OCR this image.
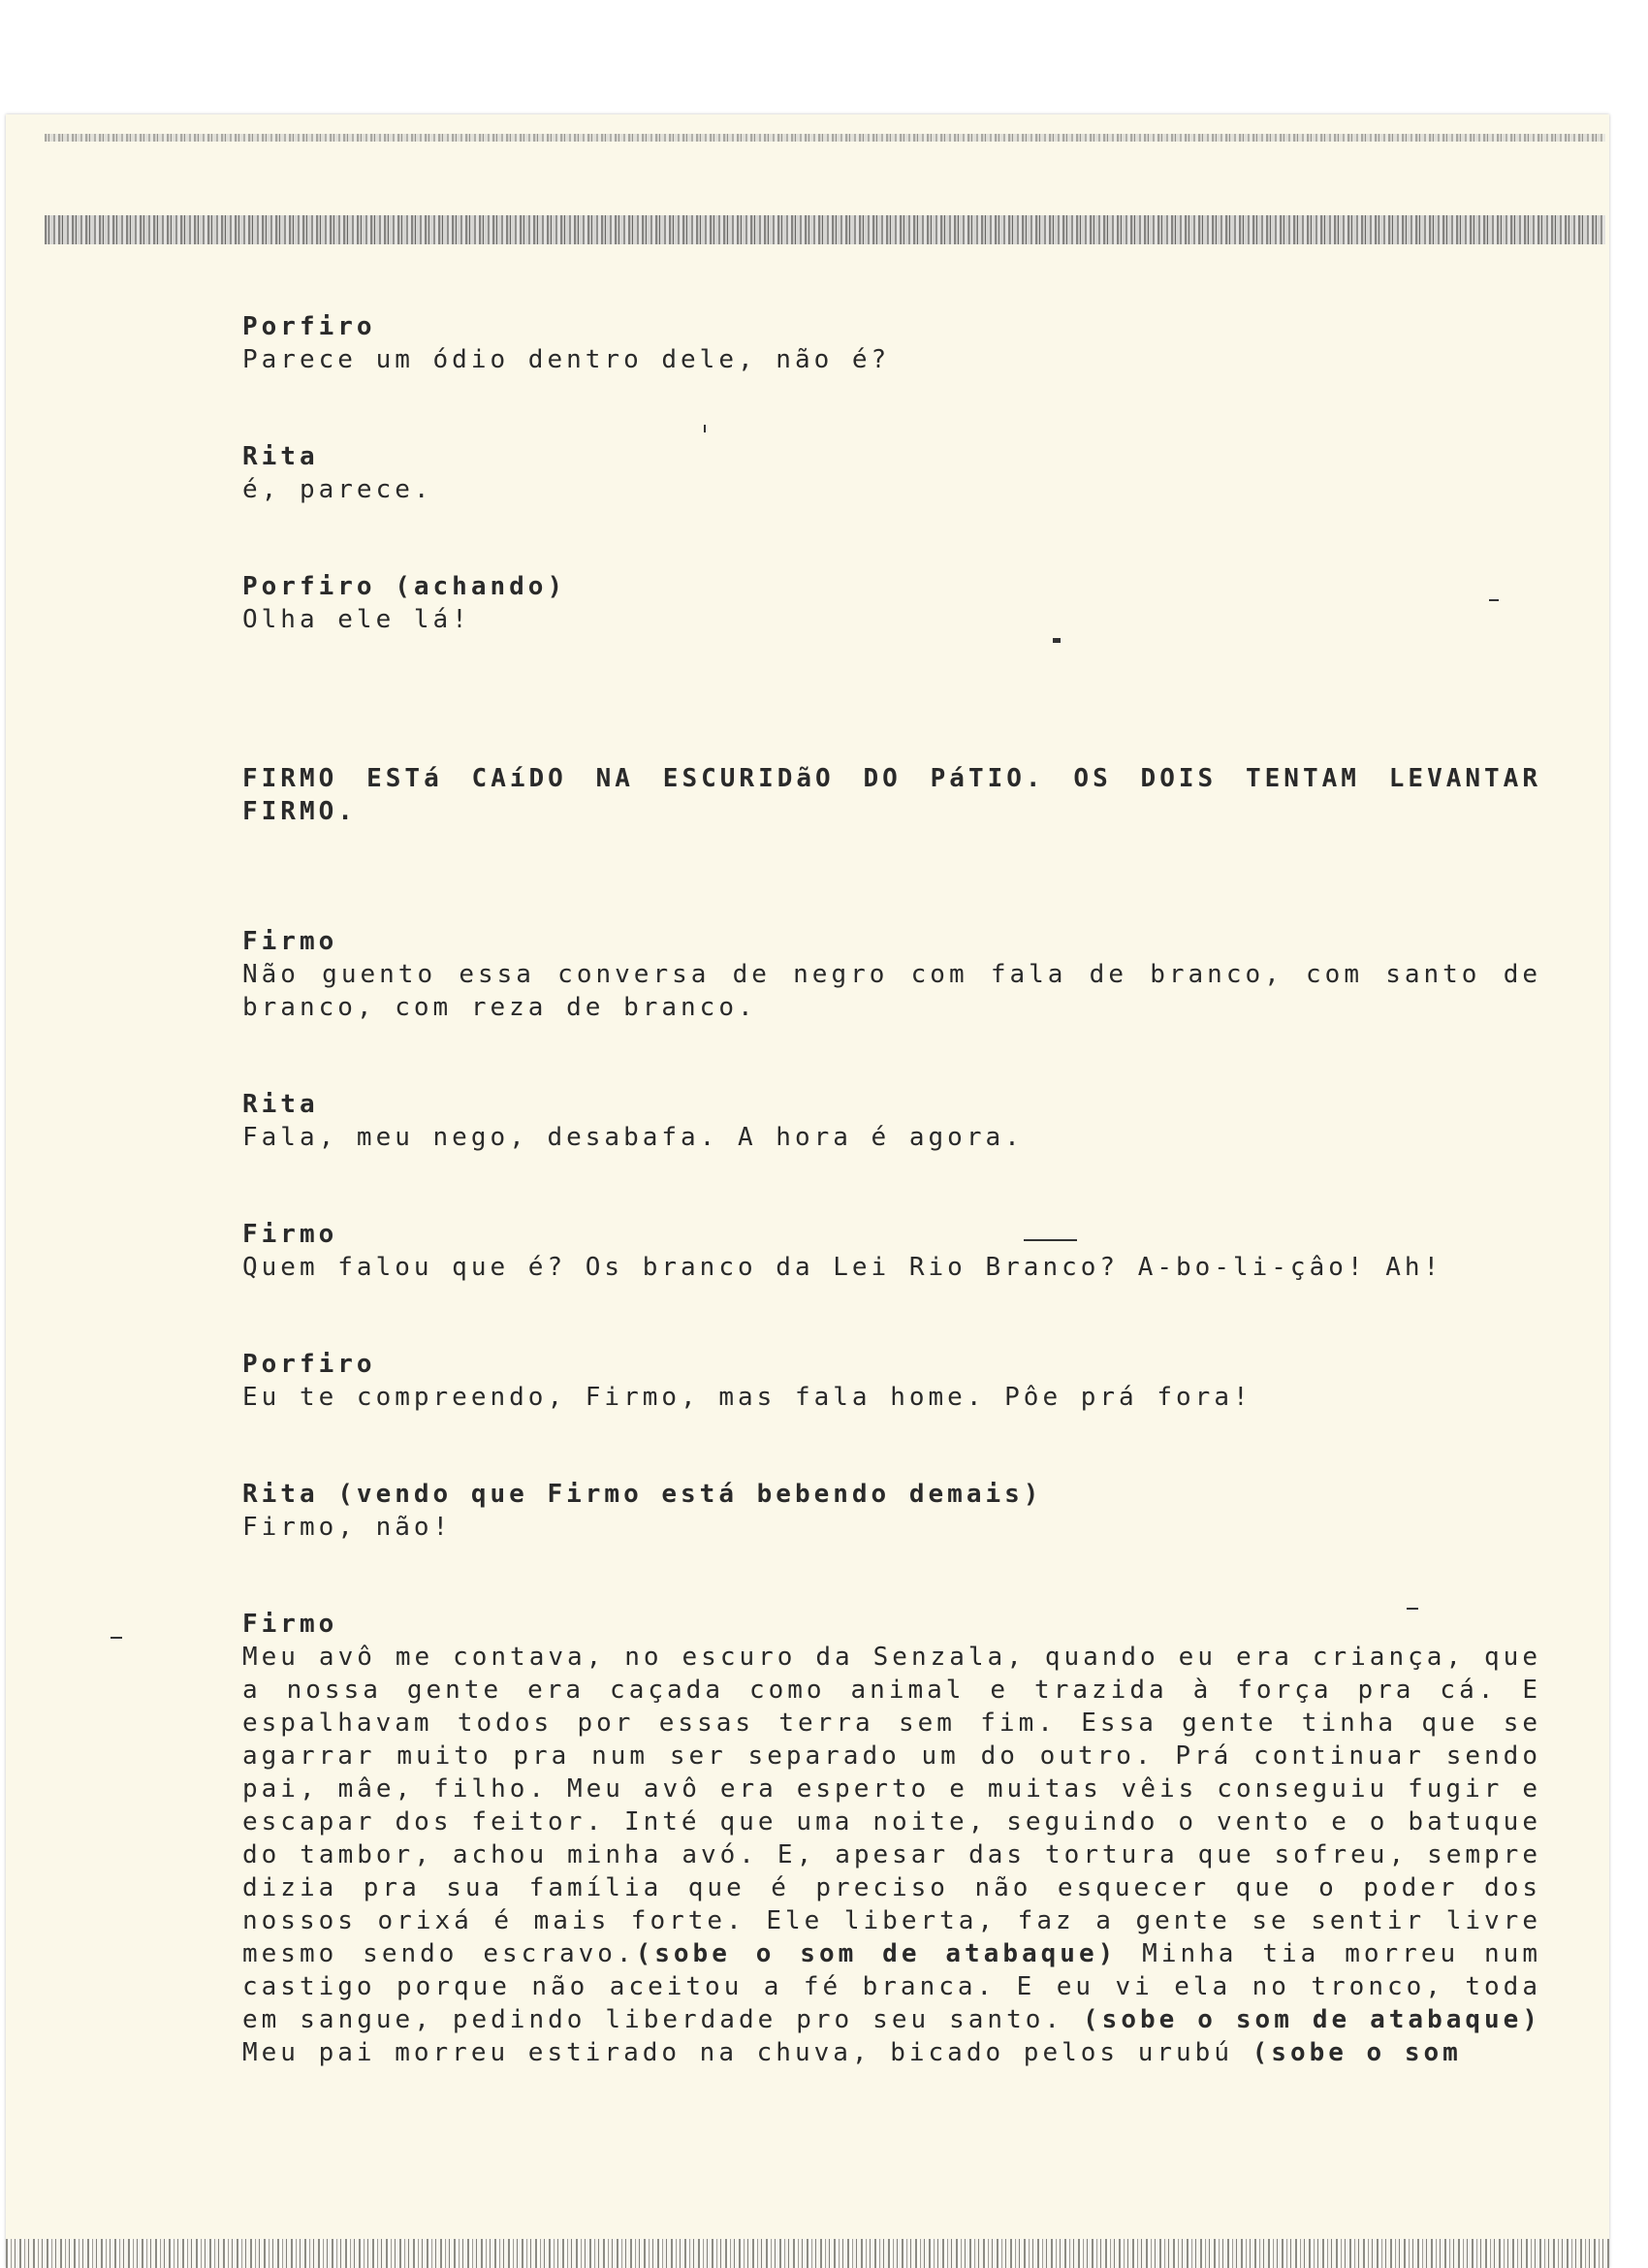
Porfiro

Parece um ódio dentro dele, não é?

Rita

é, parece.

Porfiro (achando)

Olha ele lá!

FIRMO ESTá CAíDO NA ESCURIDãO DO PáTIO. OS DOIS TENTAM LEVANTAR FIRMO.

Firmo

Não guento essa conversa de negro com fala de branco, com santo de branco, com reza de branco.

Rita

Fala, meu nego, desabafa. A hora é agora.

Firmo

Quem falou que é? Os branco da Lei Rio Branco? A-bo-li-çâo! Ah!

Porfiro

Eu te compreendo, Firmo, mas fala home. Pôe prá fora!

Rita (vendo que Firmo está bebendo demais)

Firmo, não!

Firmo

Meu avô me contava, no escuro da Senzala, quando eu era criança, que a nossa gente era caçada como animal e trazida à força pra cá. E espalhavam todos por essas terra sem fim. Essa gente tinha que se agarrar muito pra num ser separado um do outro. Prá continuar sendo pai, mâe, filho. Meu avô era esperto e muitas vêis conseguiu fugir e escapar dos feitor. Inté que uma noite, seguindo o vento e o batuque do tambor, achou minha avó. E, apesar das tortura que sofreu, sempre dizia pra sua família que é preciso não esquecer que o poder dos nossos orixá é mais forte. Ele liberta, faz a gente se sentir livre mesmo sendo escravo.(sobe o som de atabaque) Minha tia morreu num castigo porque não aceitou a fé branca. E eu vi ela no tronco, toda em sangue, pedindo liberdade pro seu santo. (sobe o som de atabaque) Meu pai morreu estirado na chuva, bicado pelos urubú (sobe o som
